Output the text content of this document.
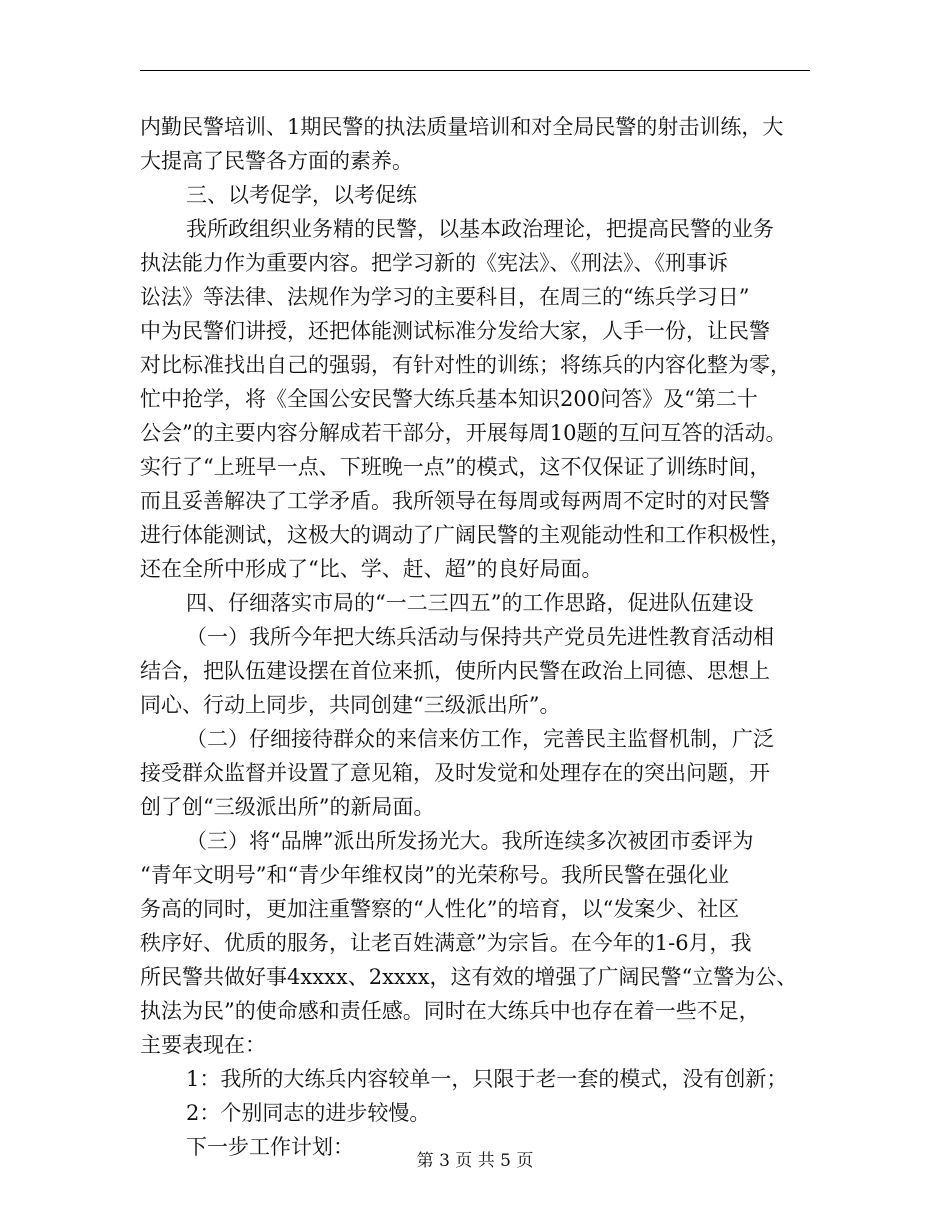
内勤民警培训、1期民警的执法质量培训和对全局民警的射击训练，大
大提高了民警各方面的素养。
三、以考促学，以考促练
我所政组织业务精的民警，以基本政治理论，把提高民警的业务
执法能力作为重要内容。把学习新的《宪法》、《刑法》、《刑事诉
讼法》等法律、法规作为学习的主要科目，在周三的“练兵学习日”
中为民警们讲授，还把体能测试标准分发给大家，人手一份，让民警
对比标准找出自己的强弱，有针对性的训练；将练兵的内容化整为零，
忙中抢学，将《全国公安民警大练兵基本知识200问答》及“第二十
公会”的主要内容分解成若干部分，开展每周10题的互问互答的活动。
实行了“上班早一点、下班晚一点”的模式，这不仅保证了训练时间，
而且妥善解决了工学矛盾。我所领导在每周或每两周不定时的对民警
进行体能测试，这极大的调动了广阔民警的主观能动性和工作积极性，
还在全所中形成了“比、学、赶、超”的良好局面。
四、仔细落实市局的“一二三四五”的工作思路，促进队伍建设
（一）我所今年把大练兵活动与保持共产党员先进性教育活动相
结合，把队伍建设摆在首位来抓，使所内民警在政治上同德、思想上
同心、行动上同步，共同创建“三级派出所”。
（二）仔细接待群众的来信来仿工作，完善民主监督机制，广泛
接受群众监督并设置了意见箱，及时发觉和处理存在的突出问题，开
创了创“三级派出所”的新局面。
（三）将“品牌”派出所发扬光大。我所连续多次被团市委评为
“青年文明号”和“青少年维权岗”的光荣称号。我所民警在强化业
务高的同时，更加注重警察的“人性化”的培育，以“发案少、社区
秩序好、优质的服务，让老百姓满意”为宗旨。在今年的1-6月，我
所民警共做好事4xxxx、2xxxx，这有效的增强了广阔民警“立警为公、
执法为民”的使命感和责任感。同时在大练兵中也存在着一些不足，
主要表现在：
1：我所的大练兵内容较单一，只限于老一套的模式，没有创新；
2：个别同志的进步较慢。
下一步工作计划：
第 3 页 共 5 页
